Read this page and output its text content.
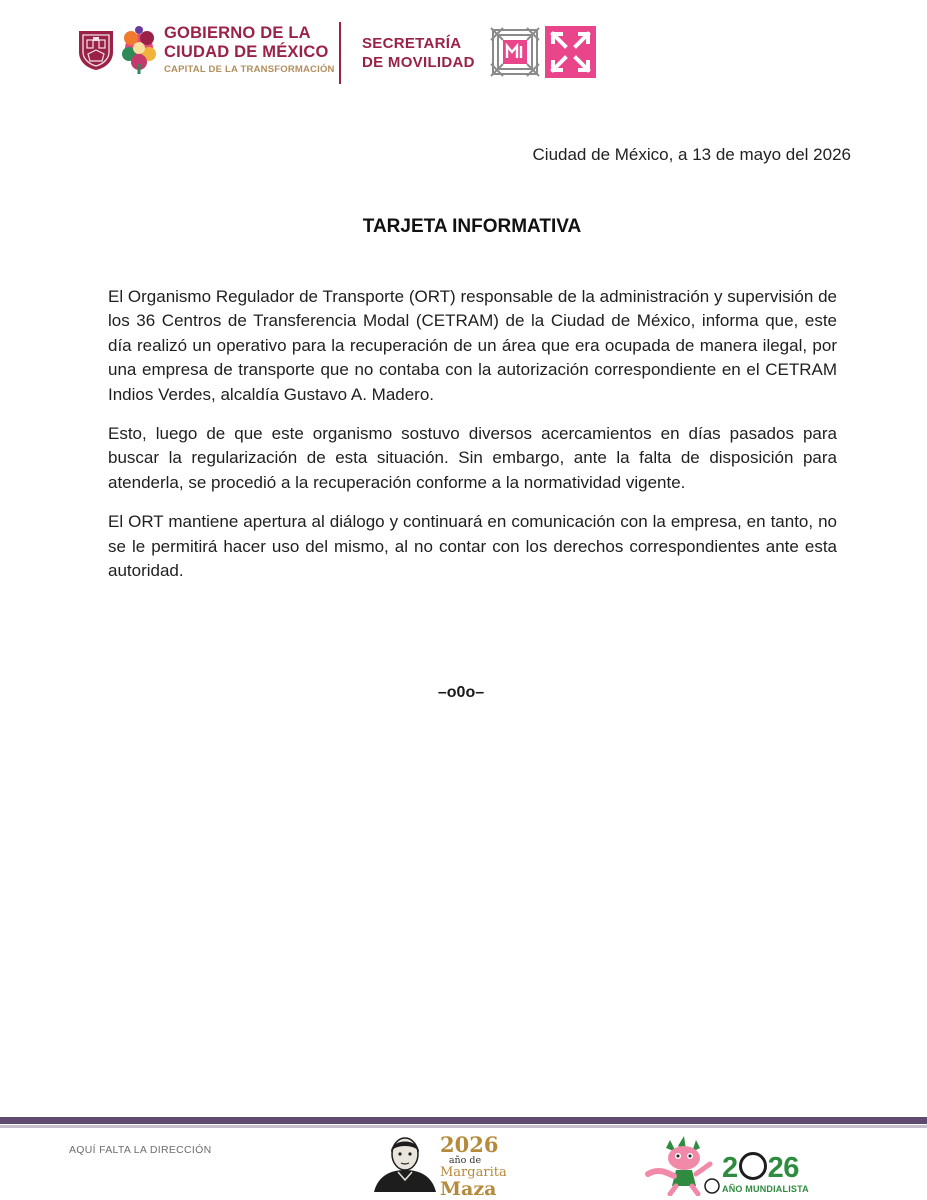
GOBIERNO DE LA
CIUDAD DE MÉXICO
CAPITAL DE LA TRANSFORMACIÓN
SECRETARÍA
DE MOVILIDAD
Ciudad de México, a 13 de mayo del 2026
TARJETA INFORMATIVA

El Organismo Regulador de Transporte (ORT) responsable de la administración y supervisión de los 36 Centros de Transferencia Modal (CETRAM) de la Ciudad de México, informa que, este día realizó un operativo para la recuperación de un área que era ocupada de manera ilegal, por una empresa de transporte que no contaba con la autorización correspondiente en el CETRAM Indios Verdes, alcaldía Gustavo A. Madero.

Esto, luego de que este organismo sostuvo diversos acercamientos en días pasados para buscar la regularización de esta situación. Sin embargo, ante la falta de disposición para atenderla, se procedió a la recuperación conforme a la normatividad vigente.

El ORT mantiene apertura al diálogo y continuará en comunicación con la empresa, en tanto, no se le permitirá hacer uso del mismo, al no contar con los derechos correspondientes ante esta autoridad.

–o0o–
AQUÍ FALTA LA DIRECCIÓN	2026
año de
Margarita
Maza
2 26
AÑO MUNDIALISTA
